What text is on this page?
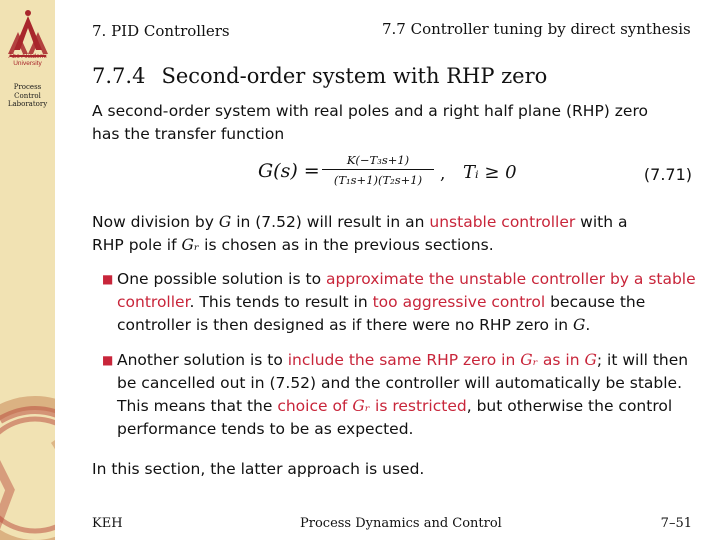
Åbo Akademi
University
Process
Control
Laboratory
7. PID Controllers	7.7 Controller tuning by direct synthesis
7.7.4 Second-order system with RHP zero
A second-order system with real poles and a right half plane (RHP) zero
has the transfer function
$G(s) = \frac{\text{K(−T₃s+1)}}{\text{(T₁s+1)(T₂s+1)}}$ , Tᵢ ≥ 0	(7.71)
Now division by G in (7.52) will result in an unstable controller with a
RHP pole if Gᵣ is chosen as in the previous sections.
■ One possible solution is to approximate the unstable controller by a stable controller. This tends to result in too aggressive control because the controller is then designed as if there were no RHP zero in G.
■ Another solution is to include the same RHP zero in Gᵣ as in G; it will then be cancelled out in (7.52) and the controller will automatically be stable. This means that the choice of Gᵣ is restricted, but otherwise the control performance tends to be as expected.
In this section, the latter approach is used.
KEH	Process Dynamics and Control	7–51
